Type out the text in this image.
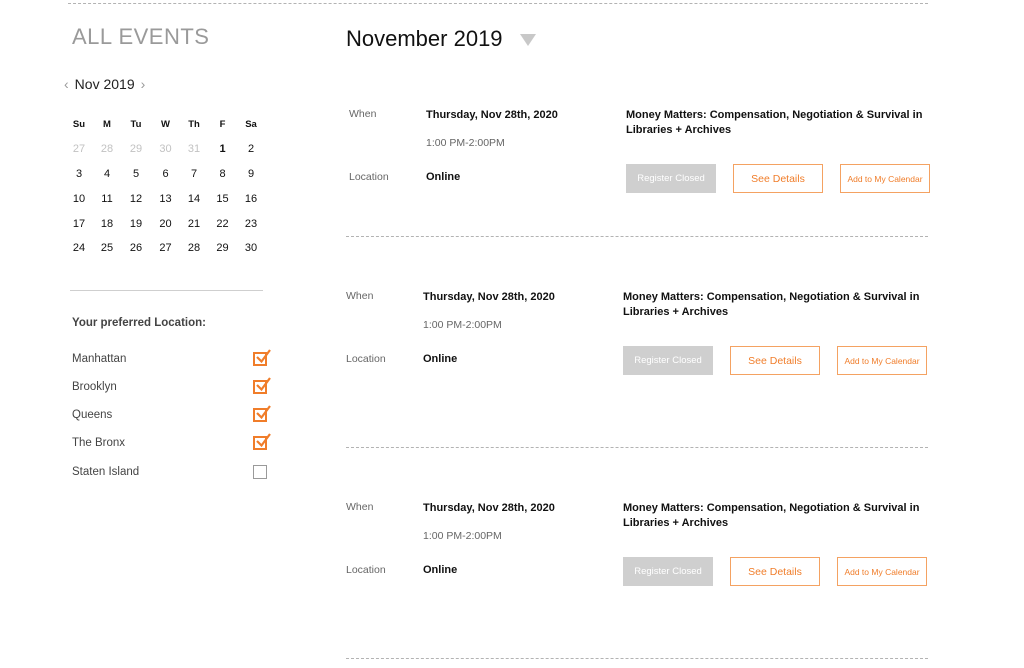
ALL EVENTS
‹ Nov 2019 ›
Su	M	Tu	W	Th	F	Sa
27	28	29	30	31	1	2
3	4	5	6	7	8	9
10	11	12	13	14	15	16
17	18	19	20	21	22	23
24	25	26	27	28	29	30
Your preferred Location:
Manhattan
Brooklyn
Queens
The Bronx
Staten Island
November 2019
When	Thursday, Nov 28th, 2020
1:00 PM-2:00PM
Location	Online
Money Matters: Compensation, Negotiation & Survival in Libraries + Archives
Register Closed	See Details	Add to My Calendar
When	Thursday, Nov 28th, 2020
1:00 PM-2:00PM
Location	Online
Money Matters: Compensation, Negotiation & Survival in Libraries + Archives
Register Closed	See Details	Add to My Calendar
When	Thursday, Nov 28th, 2020
1:00 PM-2:00PM
Location	Online
Money Matters: Compensation, Negotiation & Survival in Libraries + Archives
Register Closed	See Details	Add to My Calendar
